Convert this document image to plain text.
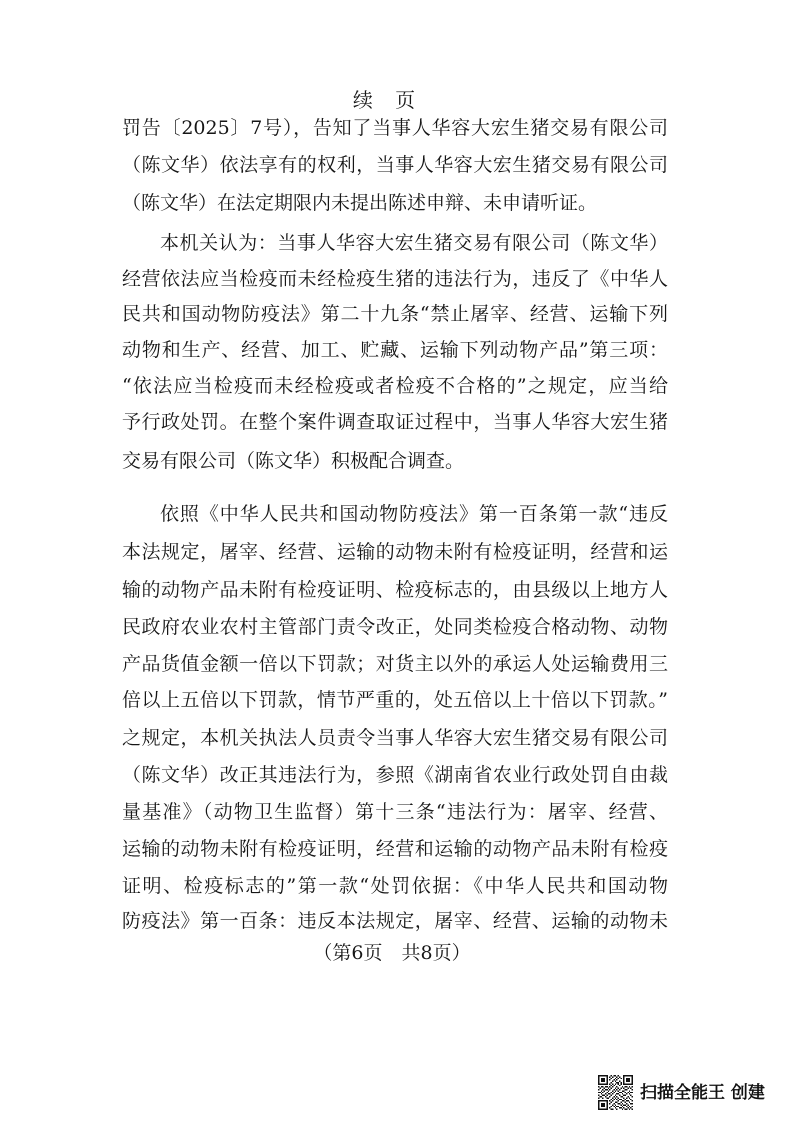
续 页
罚告〔2025〕7号），告知了当事人华容大宏生猪交易有限公司
（陈文华）依法享有的权利，当事人华容大宏生猪交易有限公司
（陈文华）在法定期限内未提出陈述申辩、未申请听证。
本机关认为：当事人华容大宏生猪交易有限公司（陈文华）
经营依法应当检疫而未经检疫生猪的违法行为，违反了《中华人
民共和国动物防疫法》第二十九条“禁止屠宰、经营、运输下列
动物和生产、经营、加工、贮藏、运输下列动物产品”第三项：
“依法应当检疫而未经检疫或者检疫不合格的”之规定，应当给
予行政处罚。在整个案件调查取证过程中，当事人华容大宏生猪
交易有限公司（陈文华）积极配合调查。
依照《中华人民共和国动物防疫法》第一百条第一款“违反
本法规定，屠宰、经营、运输的动物未附有检疫证明，经营和运
输的动物产品未附有检疫证明、检疫标志的，由县级以上地方人
民政府农业农村主管部门责令改正，处同类检疫合格动物、动物
产品货值金额一倍以下罚款；对货主以外的承运人处运输费用三
倍以上五倍以下罚款，情节严重的，处五倍以上十倍以下罚款。”
之规定，本机关执法人员责令当事人华容大宏生猪交易有限公司
（陈文华）改正其违法行为，参照《湖南省农业行政处罚自由裁
量基准》（动物卫生监督）第十三条“违法行为：屠宰、经营、
运输的动物未附有检疫证明，经营和运输的动物产品未附有检疫
证明、检疫标志的”第一款“处罚依据：《中华人民共和国动物
防疫法》第一百条：违反本法规定，屠宰、经营、运输的动物未
（第6页　共8页）
扫描全能王 创建
